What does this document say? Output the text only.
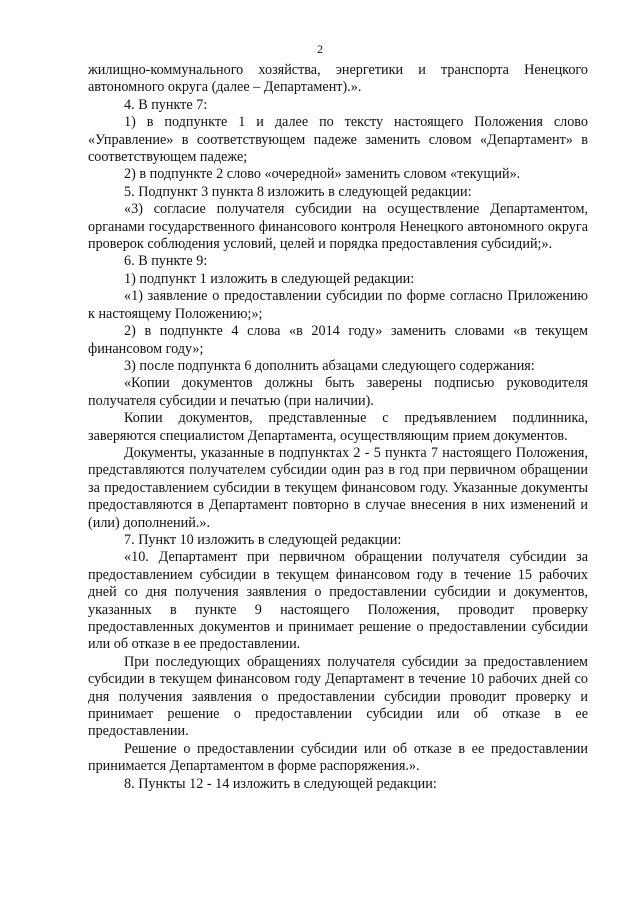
2

жилищно-коммунального хозяйства, энергетики и транспорта Ненецкого автономного округа (далее – Департамент).».

4. В пункте 7:

1) в подпункте 1 и далее по тексту настоящего Положения слово «Управление» в соответствующем падеже заменить словом «Департамент» в соответствующем падеже;

2) в подпункте 2 слово «очередной» заменить словом «текущий».

5. Подпункт 3 пункта 8 изложить в следующей редакции:

«3) согласие получателя субсидии на осуществление Департаментом, органами государственного финансового контроля Ненецкого автономного округа проверок соблюдения условий, целей и порядка предоставления субсидий;».

6. В пункте 9:

1) подпункт 1 изложить в следующей редакции:

«1) заявление о предоставлении субсидии по форме согласно Приложению к настоящему Положению;»;

2) в подпункте 4 слова «в 2014 году» заменить словами «в текущем финансовом году»;

3) после подпункта 6 дополнить абзацами следующего содержания:

«Копии документов должны быть заверены подписью руководителя получателя субсидии и печатью (при наличии).

Копии документов, представленные с предъявлением подлинника, заверяются специалистом Департамента, осуществляющим прием документов.

Документы, указанные в подпунктах 2 - 5 пункта 7 настоящего Положения, представляются получателем субсидии один раз в год при первичном обращении за предоставлением субсидии в текущем финансовом году. Указанные документы предоставляются в Департамент повторно в случае внесения в них изменений и (или) дополнений.».

7. Пункт 10 изложить в следующей редакции:

«10. Департамент при первичном обращении получателя субсидии за предоставлением субсидии в текущем финансовом году в течение 15 рабочих дней со дня получения заявления о предоставлении субсидии и документов, указанных в пункте 9 настоящего Положения, проводит проверку предоставленных документов и принимает решение о предоставлении субсидии или об отказе в ее предоставлении.

При последующих обращениях получателя субсидии за предоставлением субсидии в текущем финансовом году Департамент в течение 10 рабочих дней со дня получения заявления о предоставлении субсидии проводит проверку и принимает решение о предоставлении субсидии или об отказе в ее предоставлении.

Решение о предоставлении субсидии или об отказе в ее предоставлении принимается Департаментом в форме распоряжения.».

8. Пункты 12 - 14 изложить в следующей редакции:
